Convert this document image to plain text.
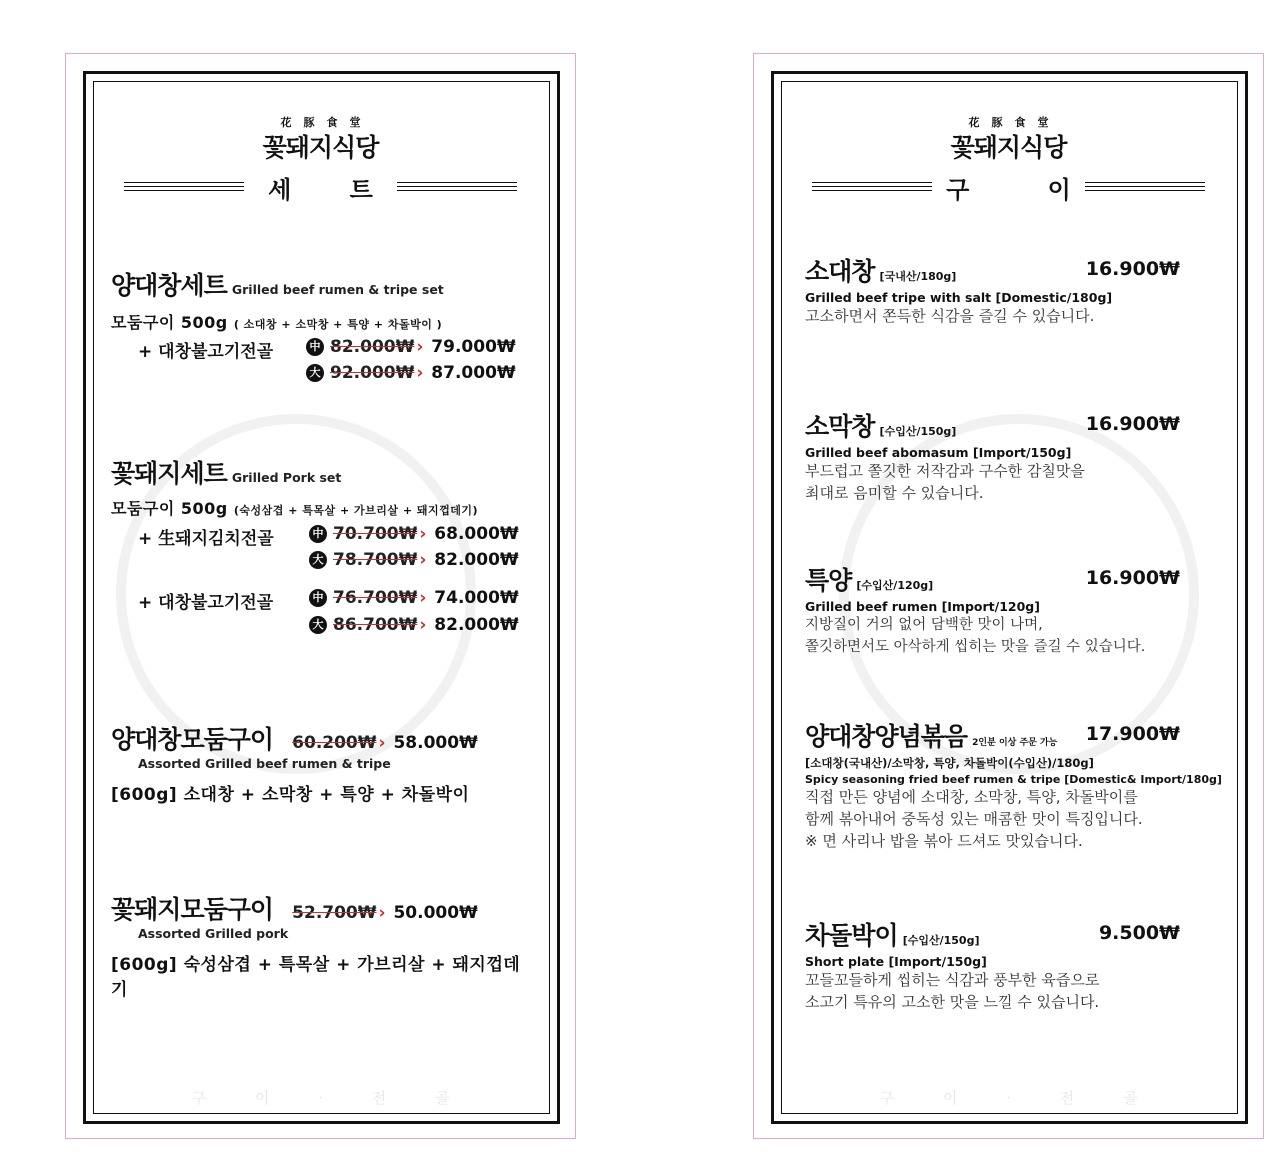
花豚食堂
꽃돼지식당
세 트
양대창세트 Grilled beef rumen & tripe set
모둠구이 500g ( 소대창 + 소막창 + 특양 + 차돌박이 )
+ 대창불고기전골	中 82.000₩ › 79.000₩
大 92.000₩ › 87.000₩
꽃돼지세트 Grilled Pork set
모둠구이 500g (숙성삼겹 + 특목살 + 가브리살 + 돼지껍데기)
+ 生돼지김치전골	中 70.700₩ › 68.000₩
大 78.700₩ › 82.000₩
+ 대창불고기전골	中 76.700₩ › 74.000₩
大 86.700₩ › 82.000₩
양대창모둠구이 60.200₩ › 58.000₩
Assorted Grilled beef rumen & tripe
[600g] 소대창 + 소막창 + 특양 + 차돌박이
꽃돼지모둠구이 52.700₩ › 50.000₩
Assorted Grilled pork
[600g] 숙성삼겹 + 특목살 + 가브리살 + 돼지껍데기
구 이 · 전 골
花豚食堂
꽃돼지식당
구 이
소대창 [국내산/180g]	16.900₩
Grilled beef tripe with salt [Domestic/180g]
고소하면서 쫀득한 식감을 즐길 수 있습니다.
소막창 [수입산/150g]	16.900₩
Grilled beef abomasum [Import/150g]
부드럽고 쫄깃한 저작감과 구수한 감칠맛을
최대로 음미할 수 있습니다.
특양 [수입산/120g]	16.900₩
Grilled beef rumen [Import/120g]
지방질이 거의 없어 담백한 맛이 나며,
쫄깃하면서도 아삭하게 씹히는 맛을 즐길 수 있습니다.
양대창양념볶음 2인분 이상 주문 가능 17.900₩
[소대창(국내산)/소막창, 특양, 차돌박이(수입산)/180g]
Spicy seasoning fried beef rumen & tripe [Domestic& Import/180g]
직접 만든 양념에 소대창, 소막창, 특양, 차돌박이를
함께 볶아내어 중독성 있는 매콤한 맛이 특징입니다.
※ 면 사리나 밥을 볶아 드셔도 맛있습니다.
차돌박이 [수입산/150g]	9.500₩
Short plate [Import/150g]
꼬들꼬들하게 씹히는 식감과 풍부한 육즙으로
소고기 특유의 고소한 맛을 느낄 수 있습니다.
구 이 · 전 골
